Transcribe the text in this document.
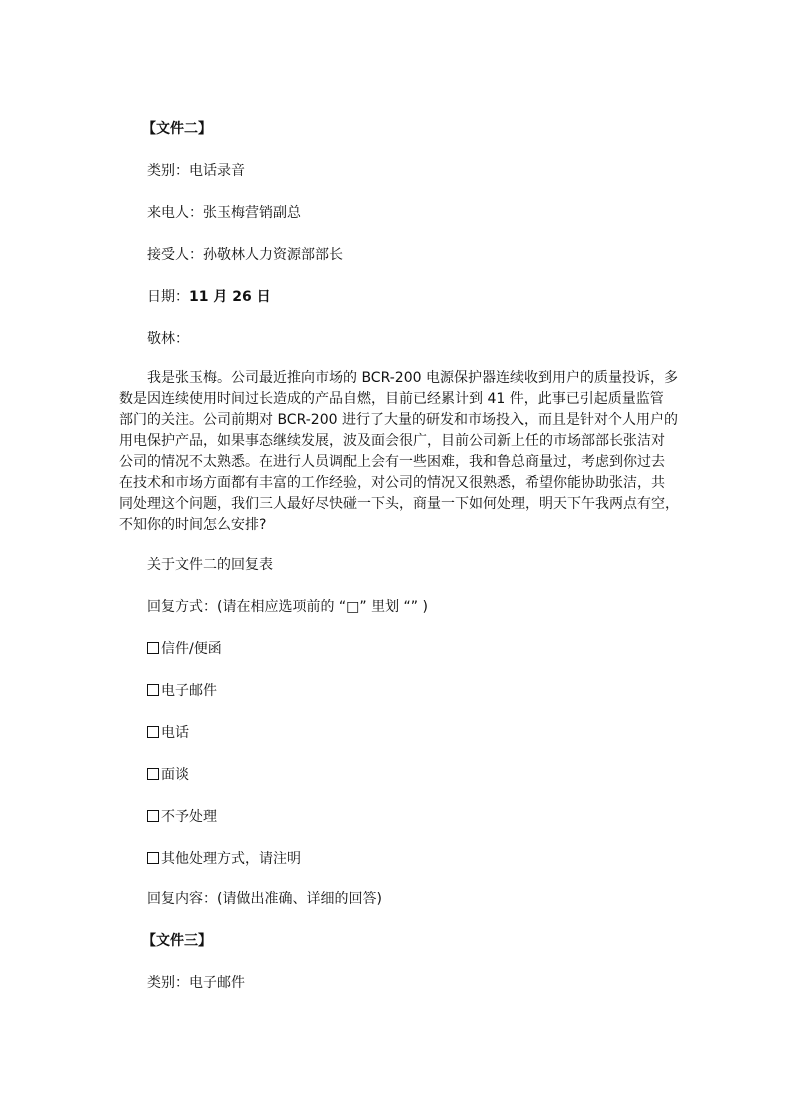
【文件二】
类别：电话录音
来电人：张玉梅营销副总
接受人：孙敬林人力资源部部长
日期：11 月 26 日
敬林：
我是张玉梅。公司最近推向市场的 BCR-200 电源保护器连续收到用户的质量投诉，多
数是因连续使用时间过长造成的产品自燃，目前已经累计到 41 件，此事已引起质量监管
部门的关注。公司前期对 BCR-200 进行了大量的研发和市场投入，而且是针对个人用户的
用电保护产品，如果事态继续发展，波及面会很广，目前公司新上任的市场部部长张洁对
公司的情况不太熟悉。在进行人员调配上会有一些困难，我和鲁总商量过，考虑到你过去
在技术和市场方面都有丰富的工作经验，对公司的情况又很熟悉，希望你能协助张洁，共
同处理这个问题，我们三人最好尽快碰一下头，商量一下如何处理，明天下午我两点有空，
不知你的时间怎么安排?
关于文件二的回复表
回复方式：(请在相应选项前的 “□” 里划 “” )
信件/便函
电子邮件
电话
面谈
不予处理
其他处理方式，请注明
回复内容：(请做出准确、详细的回答)
【文件三】
类别：电子邮件
